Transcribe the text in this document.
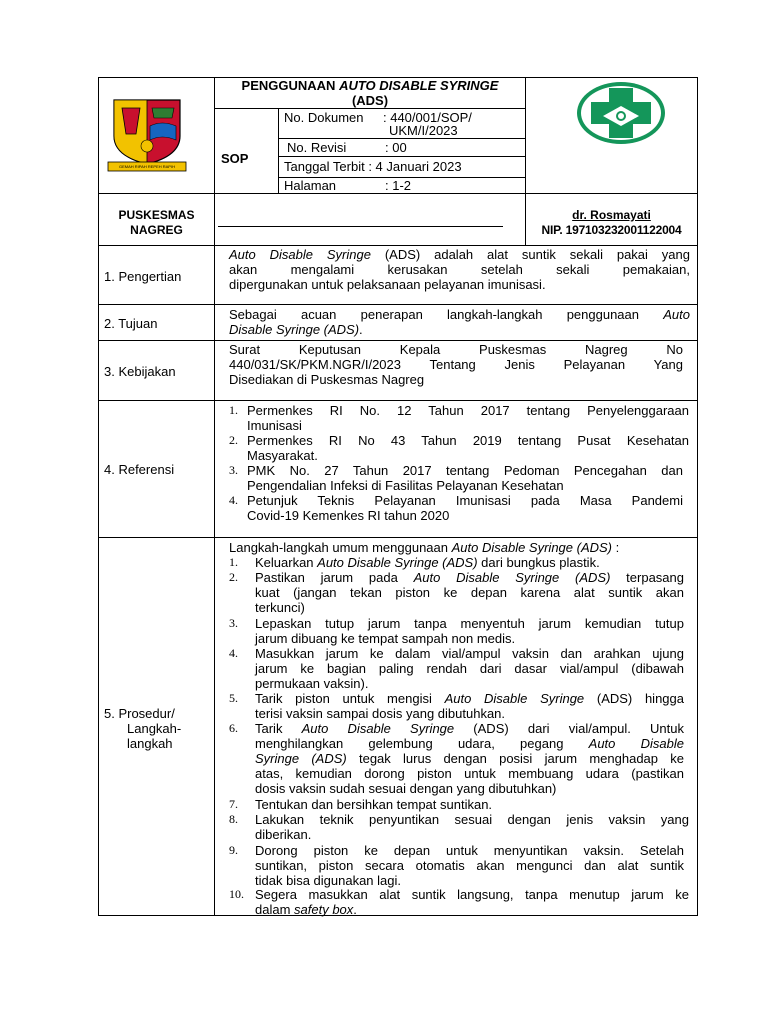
GEMAH RIPAH REPEH RAPIH
PENGGUNAAN AUTO DISABLE SYRINGE
(ADS)
SOP
No. Dokumen : 440/001/SOP/
UKM/I/2023
No. Revisi	: 00
Tanggal Terbit : 4 Januari 2023
Halaman	: 1-2
PUSKESMAS
NAGREG
dr. Rosmayati
NIP. 197103232001122004
1. Pengertian
Auto Disable Syringe (ADS) adalah alat suntik sekali pakai yang
akan mengalami kerusakan setelah sekali pemakaian,
dipergunakan untuk pelaksanaan pelayanan imunisasi.
2. Tujuan
Sebagai acuan penerapan langkah-langkah penggunaan Auto
Disable Syringe (ADS).
3. Kebijakan
Surat Keputusan Kepala Puskesmas Nagreg No
440/031/SK/PKM.NGR/I/2023 Tentang Jenis Pelayanan Yang
Disediakan di Puskesmas Nagreg
4. Referensi
1. Permenkes RI No. 12 Tahun 2017 tentang Penyelenggaraan
Imunisasi
2. Permenkes RI No 43 Tahun 2019 tentang Pusat Kesehatan
Masyarakat.
3. PMK No. 27 Tahun 2017 tentang Pedoman Pencegahan dan
Pengendalian Infeksi di Fasilitas Pelayanan Kesehatan
4. Petunjuk Teknis Pelayanan Imunisasi pada Masa Pandemi
Covid-19 Kemenkes RI tahun 2020
5. Prosedur/
Langkah-
langkah
Langkah-langkah umum menggunaan Auto Disable Syringe (ADS) :
1. Keluarkan Auto Disable Syringe (ADS) dari bungkus plastik.
2. Pastikan jarum pada Auto Disable Syringe (ADS) terpasang
kuat (jangan tekan piston ke depan karena alat suntik akan
terkunci)
3. Lepaskan tutup jarum tanpa menyentuh jarum kemudian tutup
jarum dibuang ke tempat sampah non medis.
4. Masukkan jarum ke dalam vial/ampul vaksin dan arahkan ujung
jarum ke bagian paling rendah dari dasar vial/ampul (dibawah
permukaan vaksin).
5. Tarik piston untuk mengisi Auto Disable Syringe (ADS) hingga
terisi vaksin sampai dosis yang dibutuhkan.
6. Tarik Auto Disable Syringe (ADS) dari vial/ampul. Untuk
menghilangkan gelembung udara, pegang Auto Disable
Syringe (ADS) tegak lurus dengan posisi jarum menghadap ke
atas, kemudian dorong piston untuk membuang udara (pastikan
dosis vaksin sudah sesuai dengan yang dibutuhkan)
7. Tentukan dan bersihkan tempat suntikan.
8. Lakukan teknik penyuntikan sesuai dengan jenis vaksin yang
diberikan.
9. Dorong piston ke depan untuk menyuntikan vaksin. Setelah
suntikan, piston secara otomatis akan mengunci dan alat suntik
tidak bisa digunakan lagi.
10. Segera masukkan alat suntik langsung, tanpa menutup jarum ke
dalam safety box.
